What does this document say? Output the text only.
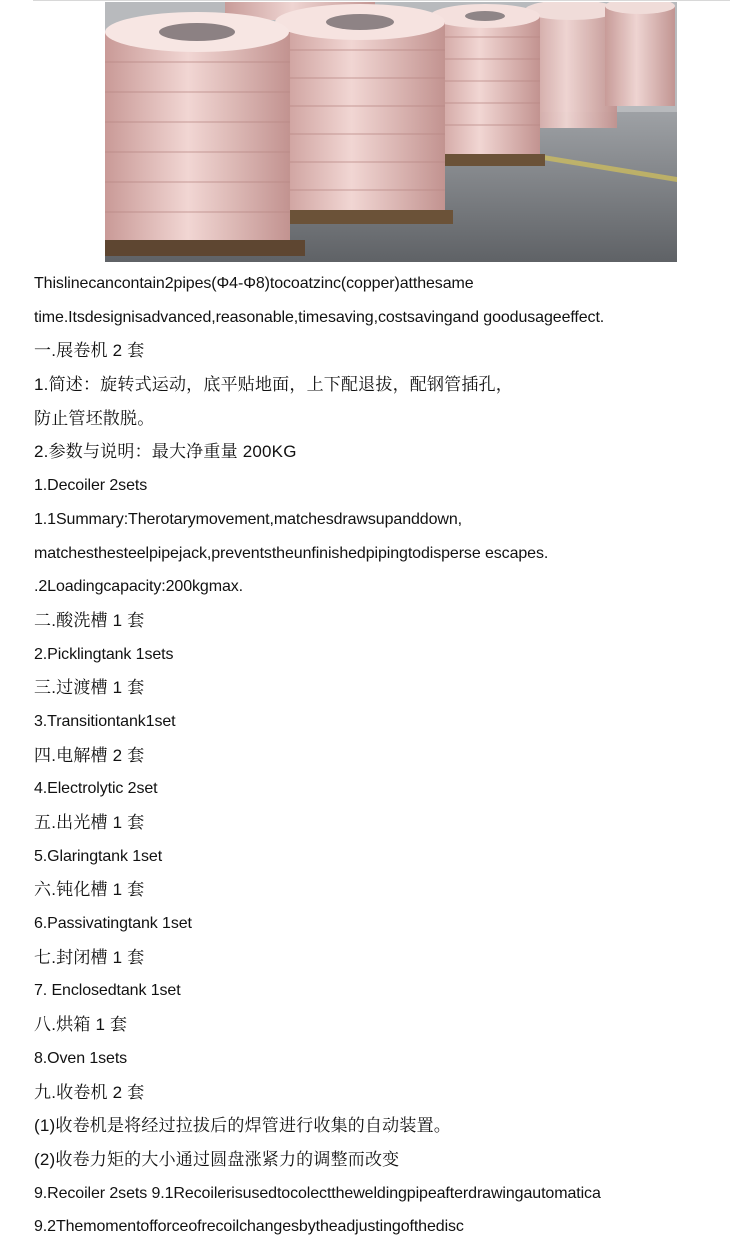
Thislinecancontain2pipes(Φ4-Φ8)tocoatzinc(copper)atthesame
time.Itsdesignisadvanced,reasonable,timesaving,costsavingand goodusageeffect.
一.展卷机 2 套
1.简述：旋转式运动，底平贴地面，上下配退拔，配钢管插孔，
防止管坯散脱。
2.参数与说明：最大净重量 200KG
1.Decoiler 2sets
1.1Summary:Therotarymovement,matchesdrawsupanddown,
matchesthesteelpipejack,preventstheunfinishedpipingtodisperse escapes.
.2Loadingcapacity:200kgmax.
二.酸洗槽 1 套
2.Picklingtank 1sets
三.过渡槽 1 套
3.Transitiontank1set
四.电解槽 2 套
4.Electrolytic 2set
五.出光槽 1 套
5.Glaringtank 1set
六.钝化槽 1 套
6.Passivatingtank 1set
七.封闭槽 1 套
7. Enclosedtank 1set
八.烘箱 1 套
8.Oven 1sets
九.收卷机 2 套
(1)收卷机是将经过拉拔后的焊管进行收集的自动装置。
(2)收卷力矩的大小通过圆盘涨紧力的调整而改变
9.Recoiler 2sets 9.1Recoilerisusedtocolecttheweldingpipeafterdrawingautomatica
9.2Themomentofforceofrecoilchangesbytheadjustingofthedisc
